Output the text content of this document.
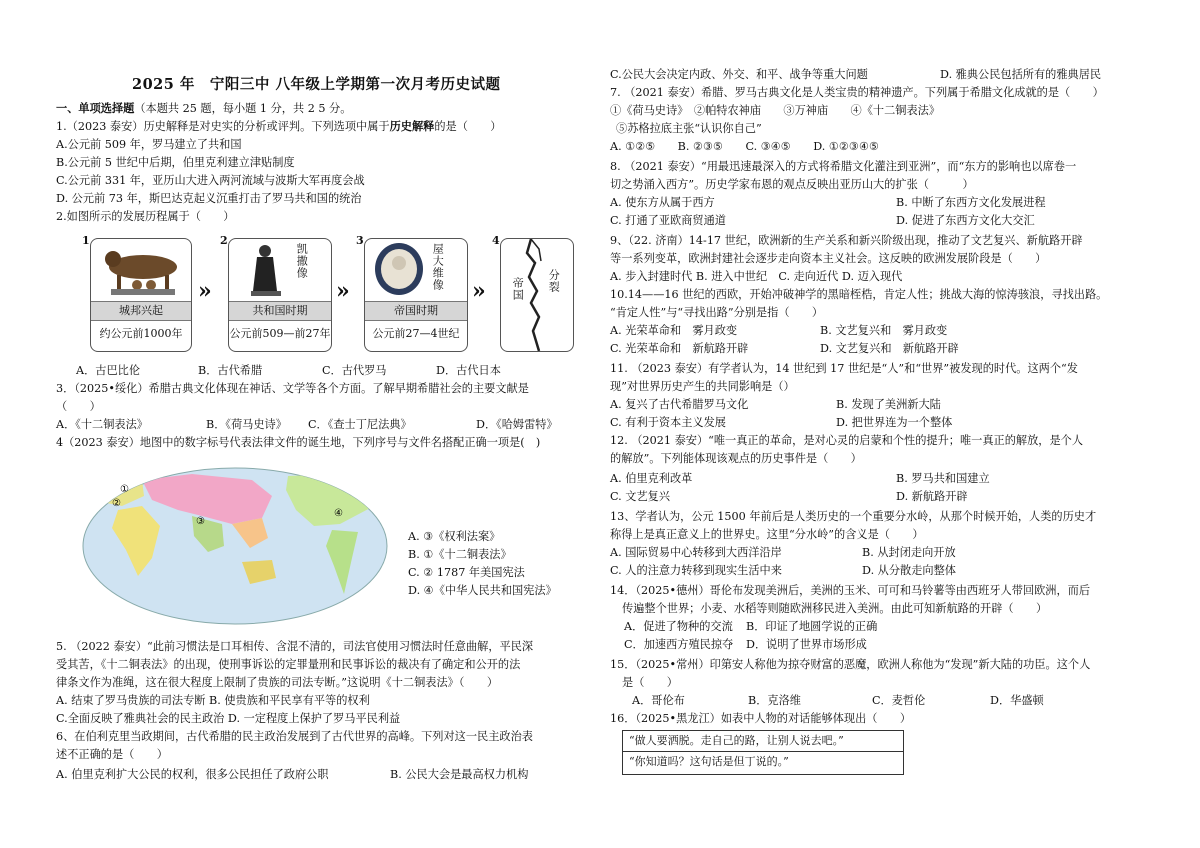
2025 年　宁阳三中 八年级上学期第一次月考历史试题
一、单项选择题（本题共 25 题，每小题 1 分，共 2 5 分。
1.（2023 泰安）历史解释是对史实的分析或评判。下列选项中属于历史解释的是（　　）
A.公元前 509 年，罗马建立了共和国
B.公元前 5 世纪中后期，伯里克利建立津贴制度
C.公元前 331 年，亚历山大进入两河流域与波斯大军再度会战
D. 公元前 73 年，斯巴达克起义沉重打击了罗马共和国的统治
2.如图所示的发展历程属于（　　）
1
城邦兴起
约公元前1000年
»
2
凯撒像
共和国时期
公元前509—前27年
»
3
屋大维像
帝国时期
公元前27—4世纪
»
4
帝国 分裂
A．古巴比伦	B．古代希腊	C．古代罗马	D．古代日本
3．（2025•绥化）希腊古典文化体现在神话、文学等各个方面。了解早期希腊社会的主要文献是
（　　）
A．《十二铜表法》	B．《荷马史诗》 C．《查士丁尼法典》	D．《哈姆雷特》
4（2023 泰安）地图中的数字标号代表法律文件的诞生地，下列序号与文件名搭配正确一项是(　)
①
②
③
④
A. ③《权利法案》
B. ①《十二铜表法》
C. ② 1787 年美国宪法
D. ④《中华人民共和国宪法》
5. （2022 泰安）“此前习惯法是口耳相传、含混不清的，司法官使用习惯法时任意曲解，平民深
受其苦，《十二铜表法》的出现，使刑事诉讼的定罪量刑和民事诉讼的裁决有了确定和公开的法
律条文作为准绳，这在很大程度上限制了贵族的司法专断。”这说明《十二铜表法》（　　）
A. 结束了罗马贵族的司法专断 B. 使贵族和平民享有平等的权利
C.全面反映了雅典社会的民主政治 D. 一定程度上保护了罗马平民利益
6、在伯利克里当政期间，古代希腊的民主政治发展到了古代世界的高峰。下列对这一民主政治表
述不正确的是（　　）
A. 伯里克利扩大公民的权利，很多公民担任了政府公职	B. 公民大会是最高权力机构
C.公民大会决定内政、外交、和平、战争等重大问题	D. 雅典公民包括所有的雅典居民
7. （2021 泰安）希腊、罗马古典文化是人类宝贵的精神遗产。下列属于希腊文化成就的是（　　）
①《荷马史诗》　②帕特农神庙　　③万神庙　　④《十二铜表法》
⑤苏格拉底主张“认识你自己”
A. ①②⑤　　B. ②③⑤　　C. ③④⑤　　D. ①②③④⑤
8. （2021 泰安）“用最迅速最深入的方式将希腊文化灌注到亚洲”，而“东方的影响也以席卷一
切之势涌入西方”。历史学家布恩的观点反映出亚历山大的扩张（　　　）
A. 使东方从属于西方	B. 中断了东西方文化发展进程
C. 打通了亚欧商贸通道	D. 促进了东西方文化大交汇
9、（22. 济南）14-17 世纪，欧洲新的生产关系和新兴阶级出现，推动了文艺复兴、新航路开辟
等一系列变革，欧洲封建社会逐步走向资本主义社会。这反映的欧洲发展阶段是（　　）
A. 步入封建时代 B. 进入中世纪　C. 走向近代 D. 迈入现代
10.14——16 世纪的西欧，开始冲破神学的黑暗桎梏，肯定人性；挑战大海的惊涛骇浪，寻找出路。
“肯定人性”与“寻找出路”分别是指（　　）
A. 光荣革命和　雾月政变	B. 文艺复兴和　雾月政变
C. 光荣革命和　新航路开辟	D. 文艺复兴和　新航路开辟
11. （2023 泰安）有学者认为，14 世纪到 17 世纪是“人”和“世界”被发现的时代。这两个“发
现”对世界历史产生的共同影响是（）
A. 复兴了古代希腊罗马文化	B. 发现了美洲新大陆
C. 有利于资本主义发展	D. 把世界连为一个整体
12. （2021 泰安）“唯一真正的革命，是对心灵的启蒙和个性的提升；唯一真正的解放，是个人
的解放”。下列能体现该观点的历史事件是（　　）
A. 伯里克利改革	B. 罗马共和国建立
C. 文艺复兴	D. 新航路开辟
13、学者认为，公元 1500 年前后是人类历史的一个重要分水岭，从那个时候开始，人类的历史才
称得上是真正意义上的世界史。这里“分水岭”的含义是（　　）
A. 国际贸易中心转移到大西洋沿岸	B. 从封闭走向开放
C. 人的注意力转移到现实生活中来	D. 从分散走向整体
14．（2025•德州）哥伦布发现美洲后，美洲的玉米、可可和马铃薯等由西班牙人带回欧洲，而后
传遍整个世界；小麦、水稻等则随欧洲移民进入美洲。由此可知新航路的开辟（　　）
A．促进了物种的交流 B．印证了地圆学说的正确
C．加速西方殖民掠夺 D．说明了世界市场形成
15．（2025•常州）印第安人称他为掠夺财富的恶魔，欧洲人称他为“发现”新大陆的功臣。这个人
是（　　）
A．哥伦布	B．克洛维	C．麦哲伦	D．华盛顿
16．（2025•黑龙江）如表中人物的对话能够体现出（　　）
“做人要洒脱。走自己的路，让别人说去吧。”
“你知道吗？这句话是但丁说的。”
